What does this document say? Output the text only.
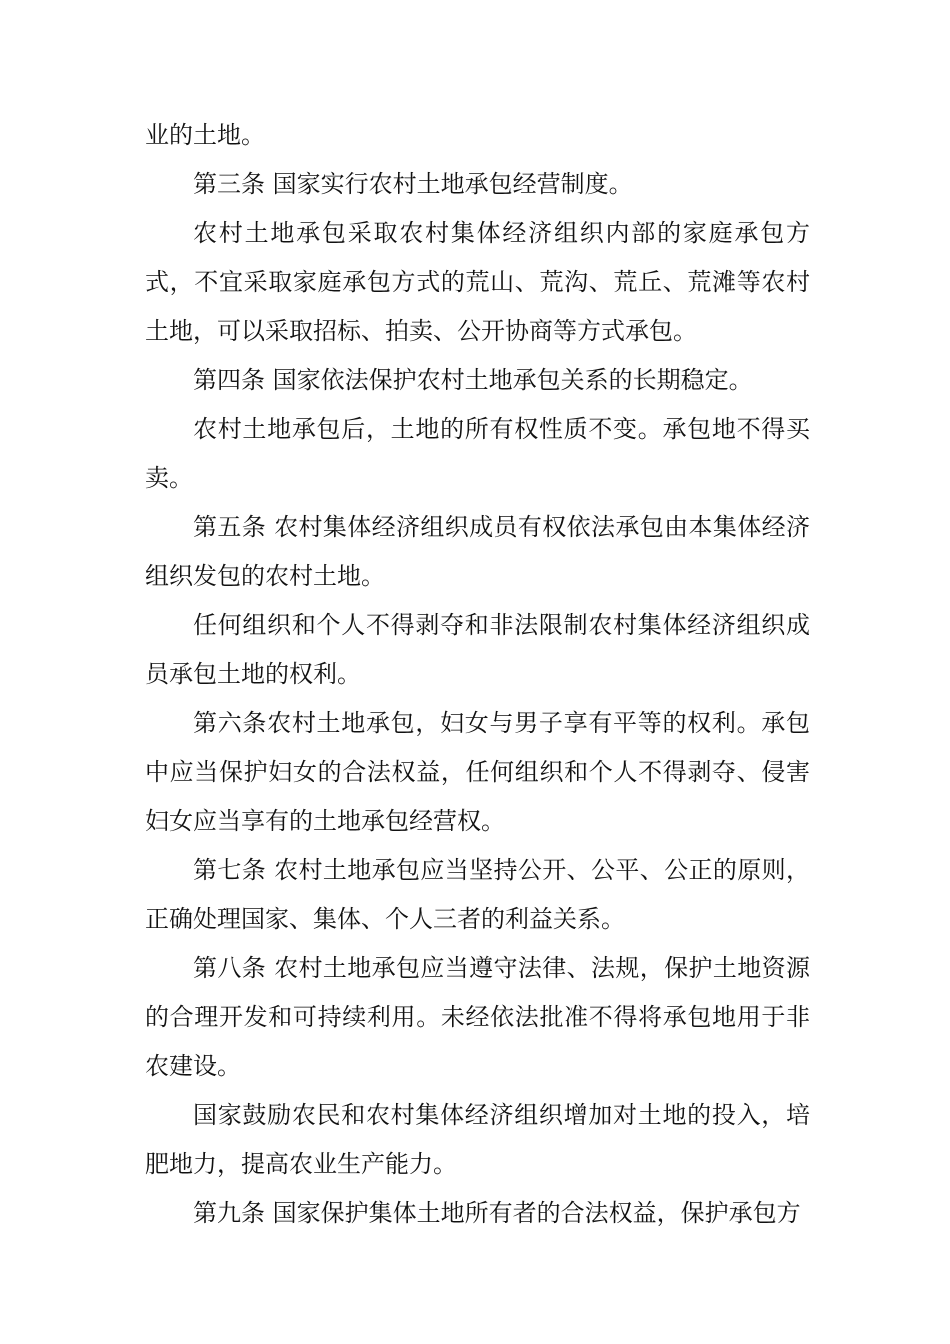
业的土地。

第三条 国家实行农村土地承包经营制度。

农村土地承包采取农村集体经济组织内部的家庭承包方式，不宜采取家庭承包方式的荒山、荒沟、荒丘、荒滩等农村土地，可以采取招标、拍卖、公开协商等方式承包。

第四条 国家依法保护农村土地承包关系的长期稳定。

农村土地承包后，土地的所有权性质不变。承包地不得买卖。

第五条 农村集体经济组织成员有权依法承包由本集体经济组织发包的农村土地。

任何组织和个人不得剥夺和非法限制农村集体经济组织成员承包土地的权利。

第六条农村土地承包，妇女与男子享有平等的权利。承包中应当保护妇女的合法权益，任何组织和个人不得剥夺、侵害妇女应当享有的土地承包经营权。

第七条 农村土地承包应当坚持公开、公平、公正的原则，正确处理国家、集体、个人三者的利益关系。

第八条 农村土地承包应当遵守法律、法规，保护土地资源的合理开发和可持续利用。未经依法批准不得将承包地用于非农建设。

国家鼓励农民和农村集体经济组织增加对土地的投入，培肥地力，提高农业生产能力。

第九条 国家保护集体土地所有者的合法权益，保护承包方
